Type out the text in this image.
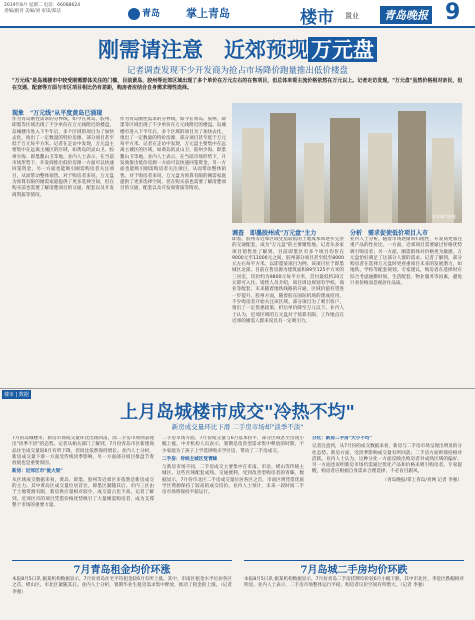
2019年8月 星期二 电话：66088624
责编/副刊 美编/刘 审读/郑洁	青岛 掌上青岛	楼市 置业	青岛晚报 9
刚需请注意　近郊预现 万元盘
记者调查发现不少开发商为抢占市场降价跑量推出低价楼盘
"万元线"是岛城楼市中较受刚需群体关注的门槛，目前黄岛、胶州等近郊区域出现了多个单价在万元左右的在售项目，但总体来看主流价格依然在万元以上。记者走访发现，"万元盘"虽然价格相对亲民，但在交通、配套等方面与市区项目相比仍有差距，购房者应结合自身需求理性选择。
现象　"万元线"从平度黄岛已涌现
作为青岛刚性需求的分界线，如今在黄岛、胶州、即墨等区域出现了不少单价在万元线附近的楼盘。岛城楼市进入下半年后，多个区域的项目为了加快去化，推出了一定数量的特价房源，部分项目甚至低于万元每平方米。记者在走访中发现，万元盘主要集中在远离主城区的区域，如黄岛的灵山卫、胶州少海、即墨鳌山卫等地。业内人士表示，在当前市场形势下，开发商推出低价房源一方面可以快速回笼资金，另一方面也能吸引刚需购房者关注项目，从而带动整体销售。对于购房者来说，万元盘为预算有限的刚需家庭提供了更多选择空间，但在购买前也需要了解清楚项目的交通、配套以及开发商资质等情况。
作为青岛刚性需求的分界线，如今在黄岛、胶州、即墨等区域出现了不少单价在万元线附近的楼盘。岛城楼市进入下半年后，多个区域的项目为了加快去化，推出了一定数量的特价房源，部分项目甚至低于万元每平方米。记者在走访中发现，万元盘主要集中在远离主城区的区域，如黄岛的灵山卫、胶州少海、即墨鳌山卫等地。业内人士表示，在当前市场形势下，开发商推出低价房源一方面可以快速回笼资金，另一方面也能吸引刚需购房者关注项目，从而带动整体销售。对于购房者来说，万元盘为预算有限的刚需家庭提供了更多选择空间，但在购买前也需要了解清楚项目的交通、配套以及开发商资质等情况。
青岛城市新貌
调查　即墨胶州成"万元盘"主力
即墨、胶州等近郊区域凭借较低的土地成本和逐步完善的交通配套，成为"万元盘"的主要聚集地。记者从多家项目销售处了解到，目前即墨区有多个项目均价在9000元至11000元之间，胶州部分项目甚至低至8000元左右每平方米。以即墨某项目为例，该项目位于即墨城区北部，目前在售房源为建筑面积89至125平方米的三居室，均价约为9800元每平方米，首付最低约20万元即可入住。销售人员介绍，项目周边规划有学校、商业等配套，未来随着地铁线路的开通，区域价值有望进一步提升。胶州方面，随着胶东国际机场的建成投用，不少购房者开始关注该区域。部分项目为了吸引客户，推出了一定优惠政策，折后单价降至万元以下。业内人士认为，近郊区域的万元盘对于预算有限、工作地点在近郊的刚需人群来说具有一定吸引力。
分析　需求促使低价项目入市
业内人士分析，随着市场逐渐回归理性，开发商更加注重产品的性价比。一方面，近郊项目需要通过价格优势吸引购房者；另一方面，刚需群体对价格更为敏感，万元盘恰好满足了这部分人群的需求。记者了解到，部分购房者在选择万元盘时更看重项目未来的发展潜力，如地铁、学校等配套规划。专家建议，购房者在选择时应综合考虑通勤时间、生活配套、物业服务等因素，避免只看价格而忽视居住品质。
楼市 | 数据
上月岛城楼市成交"冷热不均"
新房成交量环比下滑 二手房市场却"淡季不淡"
7月的岛城楼市，新房市场成交量环比出现回落，而二手房市场则表现出"淡季不淡"的态势。记者从相关部门了解到，7月份青岛市区新建商品住宅成交量较6月有所下降，但同比依然保持增长。业内人士分析，新房成交量下滑一方面受传统淡季影响，另一方面部分项目推盘节奏放缓也是重要原因。
新房：近郊区市"挑大梁"
从区域成交数据来看，黄岛、即墨、胶州等近郊区市依然是新房成交的主力。其中黄岛区成交量位居首位，即墨区紧随其后。市内三区由于土地资源有限，新房供应量相对较少，成交量占比不高。记者了解到，近郊区市的项目凭借价格优势吸引了大量刚需购房者，成为支撑整个市场的重要力量。
二手房市场方面，7月份成交量与6月基本持平，部分区域甚至出现小幅上涨。中介机构人员表示，暑期是改善型需求集中释放的时期，不少家庭为了孩子上学选择购买学区房，带动了二手房成交。
二手房：传统主城区受青睐
与新房市场不同，二手房成交主要集中在市南、市北、崂山等传统主城区。这些区域配套成熟、交通便利，受到改善型购房者的青睐。数据显示，7月份市北区二手房成交量位居各区之首，市南区则凭借优质学区资源保持了较高的成交均价。业内人士预计，未来一段时间二手房市场将保持平稳运行。
分化：新房二手房"大小不均"
记者注意到，从7月份的成交数据来看，新房与二手房市场呈现出明显的分化态势。新房方面，受淡季影响成交量有所回落；二手房方面则保持相对活跃。业内人士认为，这种分化一方面反映出购房者对成熟区域的偏好，另一方面也说明新房市场仍需通过优化产品和价格来吸引购房者。专家提醒，购房者应根据自身需求合理选择，不必盲目跟风。
（青岛晚报/掌上青岛/青网 记者 李强）
7月青岛租金均价环涨
本报8月5日讯 据某机构数据显示，7月份青岛住宅平均租金较6月有所上涨。其中，市南区租金水平位居各区之首，崂山区、市北区紧随其后。业内人士分析，暑期毕业生租房需求集中释放，推动了租金的上涨。（记者 李强）
7月岛城二手房均价环跌
本报8月5日讯 据某机构数据显示，7月份青岛二手房挂牌均价较6月小幅下跌，其中市北区、李沧区跌幅相对明显。业内人士表示，二手房市场整体运行平稳，购房者议价空间有所增大。（记者 李强）
